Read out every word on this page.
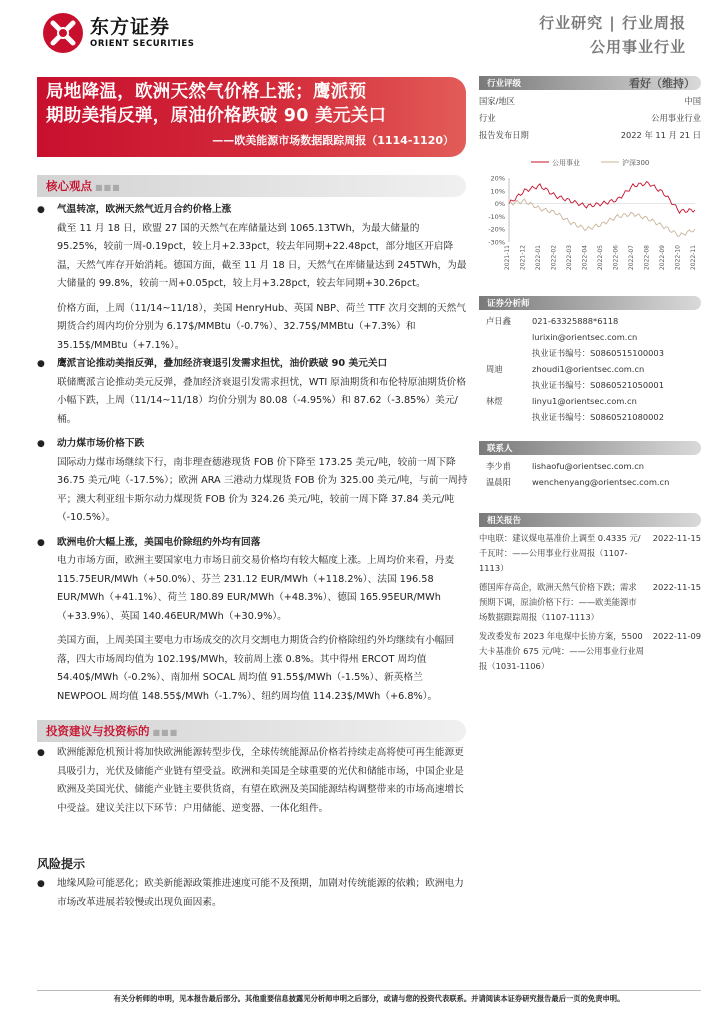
东方证券
ORIENT SECURITIES
行业研究 | 行业周报
公用事业行业
局地降温，欧洲天然气价格上涨；鹰派预
期助美指反弹，原油价格跌破 90 美元关口
——欧美能源市场数据跟踪周报（1114-1120）
核心观点 ■■■
● 气温转凉，欧洲天然气近月合约价格上涨
截至 11 月 18 日，欧盟 27 国的天然气在库储量达到 1065.13TWh，为最大储量的 95.25%，较前一周-0.19pct，较上月+2.33pct，较去年同期+22.48pct，部分地区开启降温，天然气库存开始消耗。德国方面，截至 11 月 18 日，天然气在库储量达到 245TWh，为最大储量的 99.8%，较前一周+0.05pct，较上月+3.28pct，较去年同期+30.26pct。
价格方面，上周（11/14~11/18），美国 HenryHub、英国 NBP、荷兰 TTF 次月交割的天然气期货合约周内均价分别为 6.17$/MMBtu（-0.7%）、32.75$/MMBtu（+7.3%）和 35.15$/MMBtu（+7.1%）。
● 鹰派言论推动美指反弹，叠加经济衰退引发需求担忧，油价跌破 90 美元关口
联储鹰派言论推动美元反弹，叠加经济衰退引发需求担忧，WTI 原油期货和布伦特原油期货价格小幅下跌，上周（11/14~11/18）均价分别为 80.08（-4.95%）和 87.62（-3.85%）美元/桶。
● 动力煤市场价格下跌
国际动力煤市场继续下行，南非理查德港现货 FOB 价下降至 173.25 美元/吨，较前一周下降 36.75 美元/吨（-17.5%）；欧洲 ARA 三港动力煤现货 FOB 价为 325.00 美元/吨，与前一周持平；澳大利亚纽卡斯尔动力煤现货 FOB 价为 324.26 美元/吨，较前一周下降 37.84 美元/吨（-10.5%）。
● 欧洲电价大幅上涨，美国电价除纽约外均有回落
电力市场方面，欧洲主要国家电力市场日前交易价格均有较大幅度上涨。上周均价来看，丹麦 115.75EUR/MWh（+50.0%）、芬兰 231.12 EUR/MWh（+118.2%）、法国 196.58 EUR/MWh（+41.1%）、荷兰 180.89 EUR/MWh（+48.3%）、德国 165.95EUR/MWh（+33.9%）、英国 140.46EUR/MWh（+30.9%）。
美国方面，上周美国主要电力市场成交的次月交割电力期货合约价格除纽约外均继续有小幅回落，四大市场周均值为 102.19$/MWh，较前周上涨 0.8%。其中得州 ERCOT 周均值 54.40$/MWh（-0.2%）、南加州 SOCAL 周均值 91.55$/MWh（-1.5%）、新英格兰 NEWPOOL 周均值 148.55$/MWh（-1.7%）、纽约周均值 114.23$/MWh（+6.8%）。
投资建议与投资标的 ■■■
● 欧洲能源危机预计将加快欧洲能源转型步伐，全球传统能源品价格若持续走高将使可再生能源更具吸引力，光伏及储能产业链有望受益。欧洲和美国是全球重要的光伏和储能市场，中国企业是欧洲及美国光伏、储能产业链主要供货商，有望在欧洲及美国能源结构调整带来的市场高速增长中受益。建议关注以下环节：户用储能、逆变器、一体化组件。
风险提示
● 地缘风险可能恶化；欧美新能源政策推进速度可能不及预期，加剧对传统能源的依赖；欧洲电力市场改革进展若较慢或出现负面因素。
行业评级	看好（维持）
国家/地区	中国
行业	公用事业行业
报告发布日期	2022 年 11 月 21 日
公用事业	沪深300
-30%
-20%
-10%
0%
10%
20%
2021-11 2021-12 2022-01 2022-02 2022-03 2022-04 2022-05 2022-06 2022-07 2022-08 2022-09 2022-10 2022-11
证券分析师
卢日鑫	021-63325888*6118
lurixin@orientsec.com.cn
执业证书编号：S0860515100003
周迪	zhoudi1@orientsec.com.cn
执业证书编号：S0860521050001
林煜	linyu1@orientsec.com.cn
执业证书编号：S0860521080002
联系人
李少甫	lishaofu@orientsec.com.cn
温晨阳	wenchenyang@orientsec.com.cn
相关报告
中电联：建议煤电基准价上调至 0.4335 元/千瓦时：——公用事业行业周报（1107-1113）
2022-11-15
德国库存高企，欧洲天然气价格下跌；需求预期下调，原油价格下行：——欧美能源市场数据跟踪周报（1107-1113）
2022-11-15
发改委发布 2023 年电煤中长协方案，5500 大卡基准价 675 元/吨：——公用事业行业周报（1031-1106）
2022-11-09
有关分析师的申明，见本报告最后部分。其他重要信息披露见分析师申明之后部分，或请与您的投资代表联系。并请阅读本证券研究报告最后一页的免责申明。
